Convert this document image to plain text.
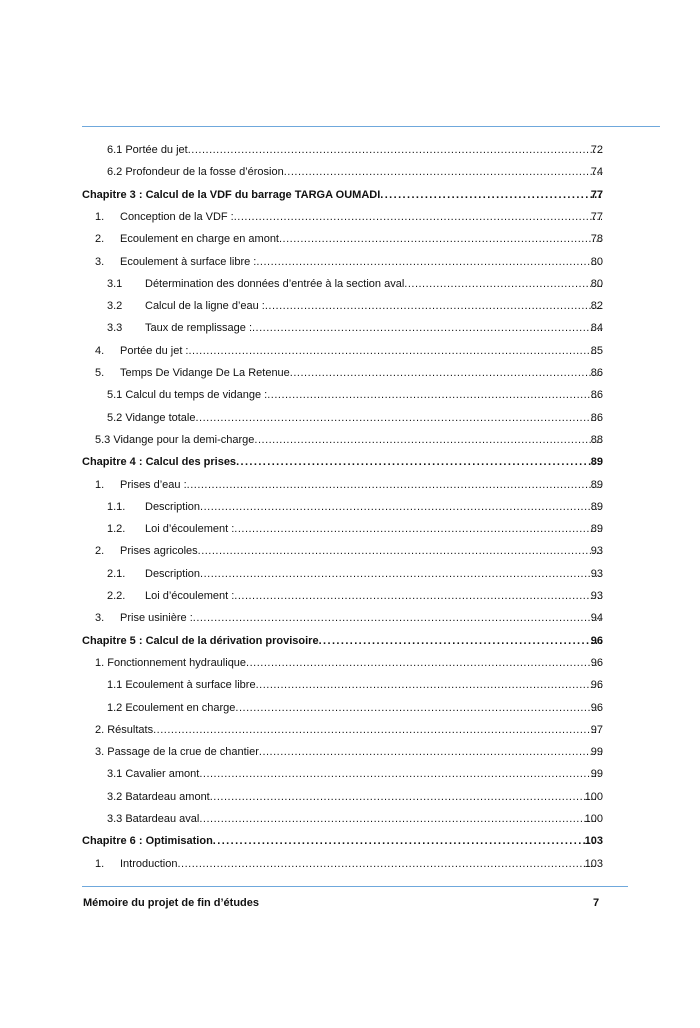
6.1 Portée du jet .....	72
6.2 Profondeur de la fosse d’érosion .....	74
Chapitre 3 : Calcul de la VDF du barrage TARGA OUMADI .....	77
1. Conception de la VDF : .....	77
2. Ecoulement en charge en amont .....	78
3. Ecoulement à surface libre : .....	80
3.1 Détermination des données d’entrée à la section aval .....	80
3.2 Calcul de la ligne d’eau : .....	82
3.3 Taux de remplissage : .....	84
4. Portée du jet : .....	85
5. Temps De Vidange De La Retenue .....	86
5.1 Calcul du temps de vidange : .....	86
5.2 Vidange totale .....	86
5.3 Vidange pour la demi-charge .....	88
Chapitre 4 : Calcul des prises .....	89
1. Prises d’eau : .....	89
1.1. Description .....	89
1.2. Loi d’écoulement : .....	89
2. Prises agricoles .....	93
2.1. Description .....	93
2.2. Loi d’écoulement : .....	93
3. Prise usinière : .....	94
Chapitre 5 : Calcul de la dérivation provisoire .....	96
1. Fonctionnement hydraulique .....	96
1.1 Ecoulement à surface libre .....	96
1.2 Ecoulement en charge .....	96
2. Résultats .....	97
3. Passage de la crue de chantier .....	99
3.1 Cavalier amont .....	99
3.2 Batardeau amont .....	100
3.3 Batardeau aval .....	100
Chapitre 6 : Optimisation .....	103
1. Introduction .....	103
Mémoire du projet de fin d’études	7
